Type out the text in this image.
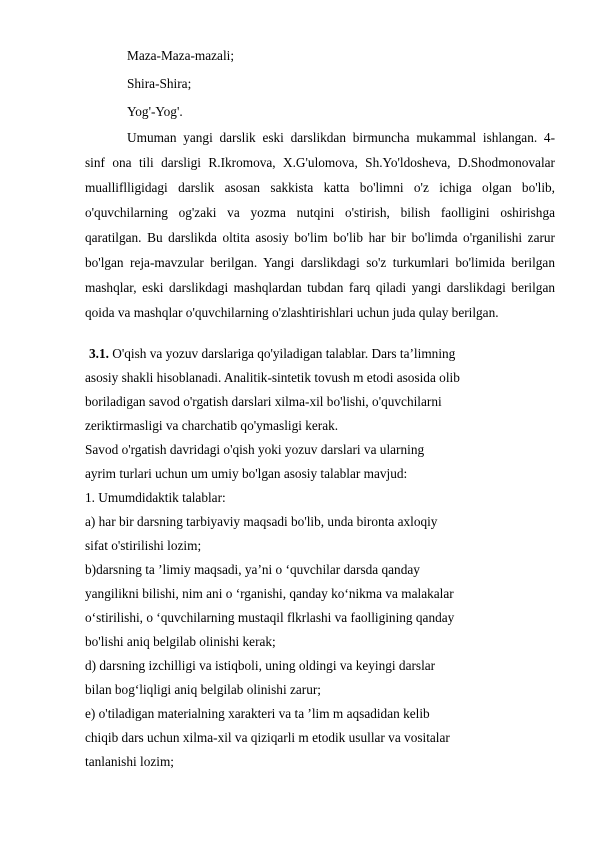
Maza-Maza-mazali;
Shira-Shira;
Yog'-Yog'.
Umuman yangi darslik eski darslikdan birmuncha mukammal ishlangan. 4-
sinf ona tili darsligi R.Ikromova, X.G'ulomova, Sh.Yo'ldosheva, D.Shodmonovalar
mualliflligidagi darslik asosan sakkista katta bo'limni o'z ichiga olgan bo'lib,
o'quvchilarning og'zaki va yozma nutqini o'stirish, bilish faolligini oshirishga
qaratilgan. Bu darslikda oltita asosiy bo'lim bo'lib har bir bo'limda o'rganilishi zarur
bo'lgan reja-mavzular berilgan. Yangi darslikdagi so'z turkumlari bo'limida berilgan
mashqlar, eski darslikdagi mashqlardan tubdan farq qiladi yangi darslikdagi berilgan
qoida va mashqlar o'quvchilarning o'zlashtirishlari uchun juda qulay berilgan.
3.1. O'qish va yozuv darslariga qo'yiladigan talablar. Dars ta’limning
asosiy shakli hisoblanadi. Analitik-sintetik tovush m etodi asosida olib
boriladigan savod o'rgatish darslari xilma-xil bo'lishi, o'quvchilarni
zeriktirmasligi va charchatib qo'ymasligi kerak.
Savod o'rgatish davridagi o'qish yoki yozuv darslari va ularning
ayrim turlari uchun um umiy bo'lgan asosiy talablar mavjud:
1. Umumdidaktik talablar:
a) har bir darsning tarbiyaviy maqsadi bo'lib, unda bironta axloqiy
sifat o'stirilishi lozim;
b)darsning ta ’limiy maqsadi, ya’ni o ‘quvchilar darsda qanday
yangilikni bilishi, nim ani o ‘rganishi, qanday ko‘nikma va malakalar
o‘stirilishi, o ‘quvchilarning mustaqil flkrlashi va faolligining qanday
bo'lishi aniq belgilab olinishi kerak;
d) darsning izchilligi va istiqboli, uning oldingi va keyingi darslar
bilan bog‘liqligi aniq belgilab olinishi zarur;
e) o'tiladigan materialning xarakteri va ta ’lim m aqsadidan kelib
chiqib dars uchun xilma-xil va qiziqarli m etodik usullar va vositalar
tanlanishi lozim;
